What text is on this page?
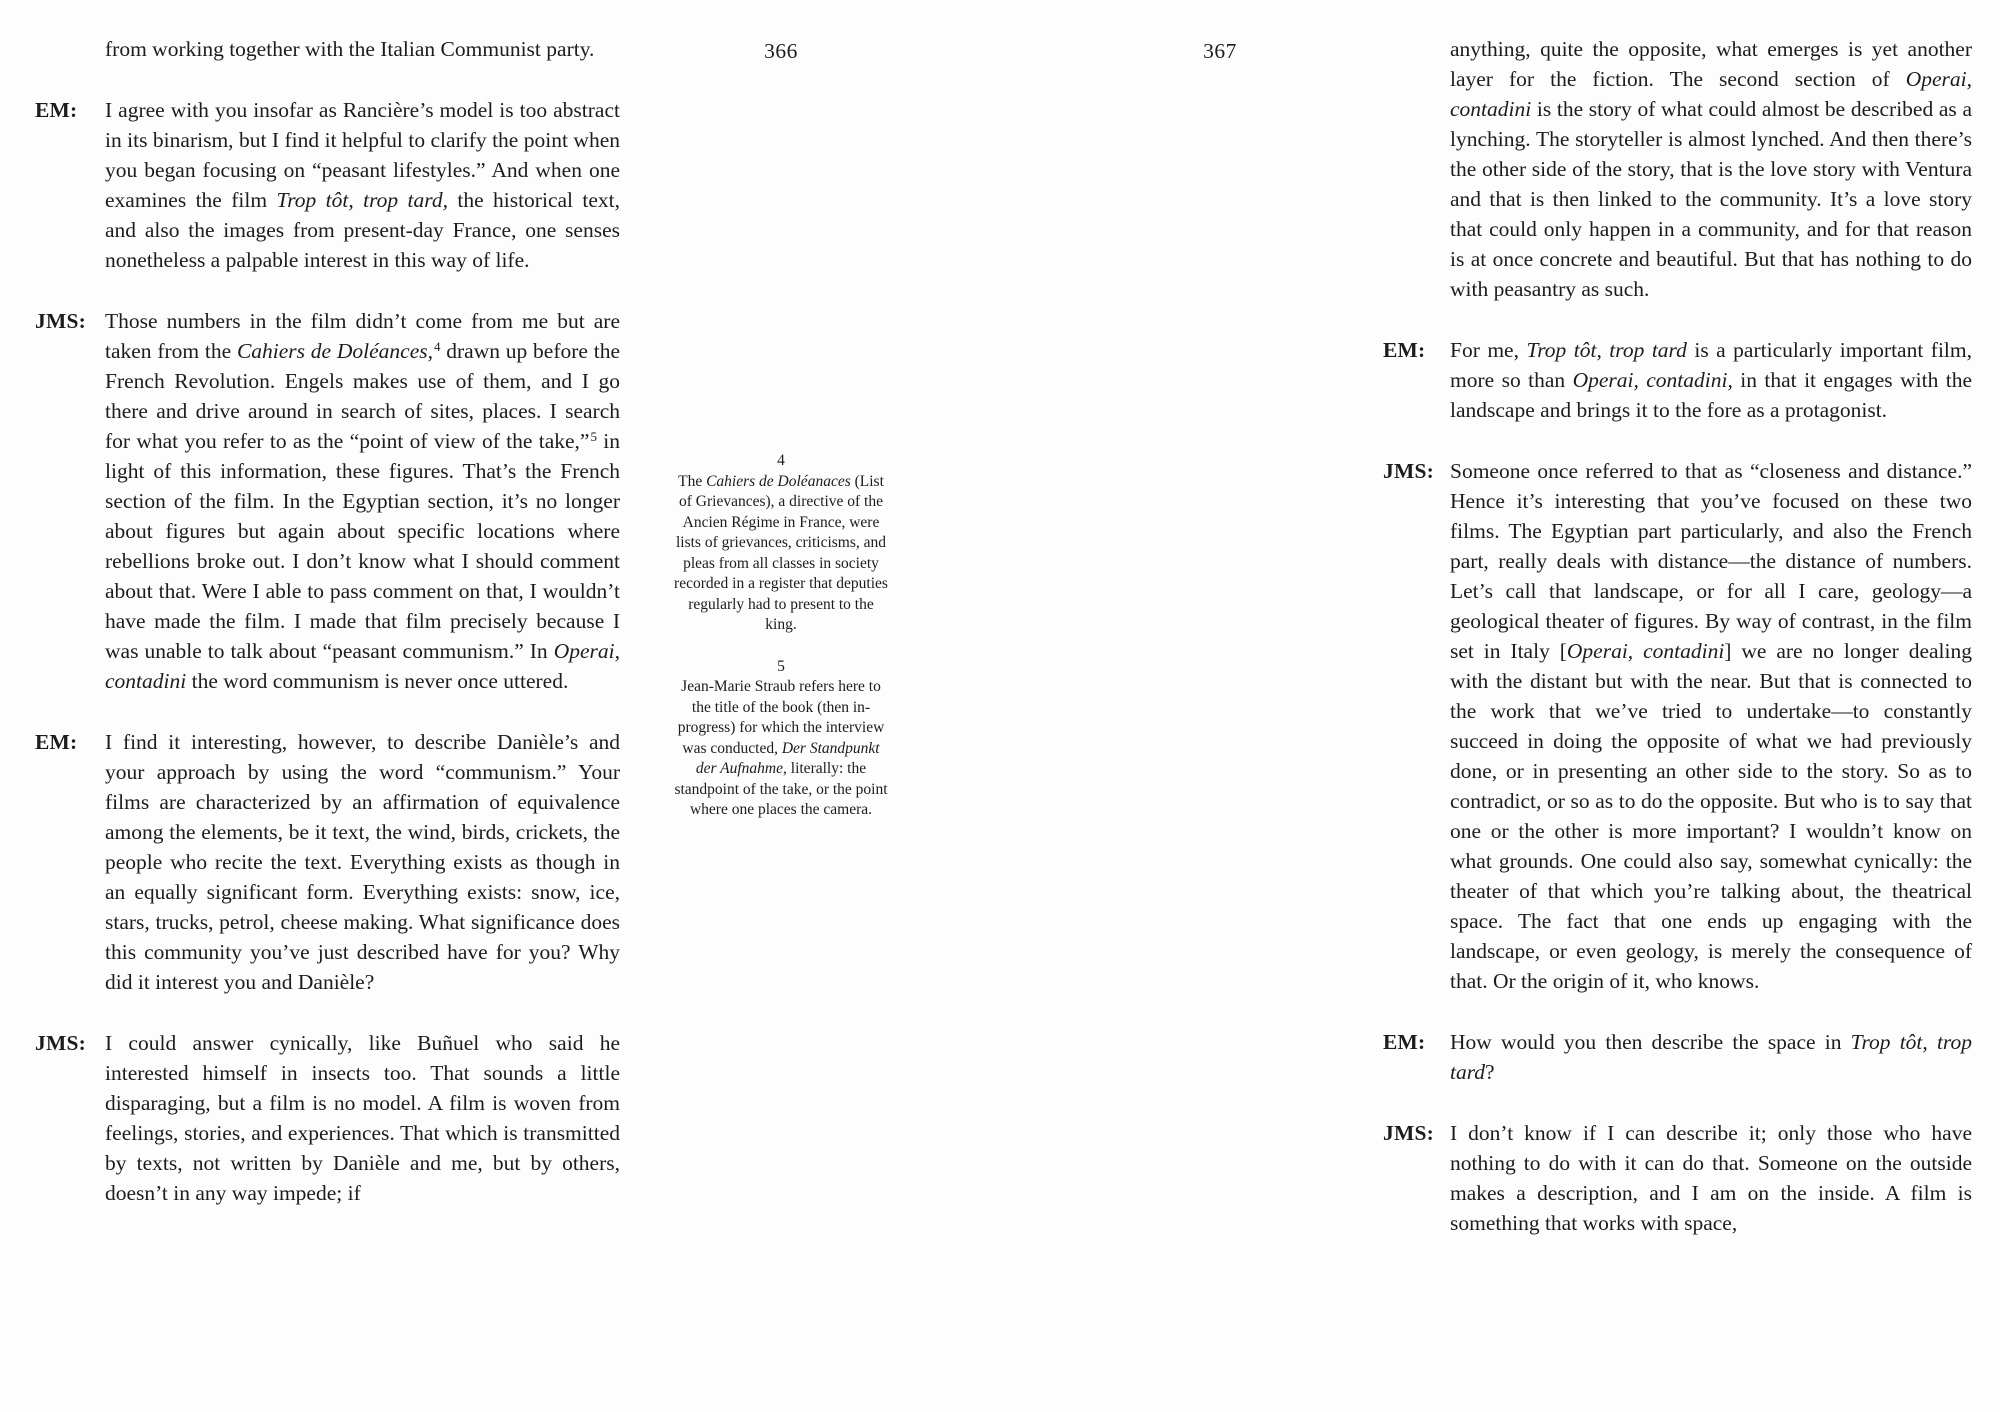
366	367
from working together with the Italian Communist party.
EM:	I agree with you insofar as Rancière’s model is too abstract in its binarism, but I find it helpful to clarify the point when you began focusing on “peasant lifestyles.” And when one examines the film Trop tôt, trop tard, the historical text, and also the images from present-day France, one senses nonetheless a palpable interest in this way of life.
JMS: Those numbers in the film didn’t come from me but are taken from the Cahiers de Doléances,$^4$ drawn up before the French Revolution. Engels makes use of them, and I go there and drive around in search of sites, places. I search for what you refer to as the “point of view of the take,”$^5$ in light of this information, these figures. That’s the French section of the film. In the Egyptian section, it’s no longer about figures but again about specific locations where rebellions broke out. I don’t know what I should comment about that. Were I able to pass comment on that, I wouldn’t have made the film. I made that film precisely because I was unable to talk about “peasant communism.” In Operai, contadini the word communism is never once uttered.
EM:	I find it interesting, however, to describe Danièle’s and your approach by using the word “communism.” Your films are characterized by an affirmation of equivalence among the elements, be it text, the wind, birds, crickets, the people who recite the text. Everything exists as though in an equally significant form. Everything exists: snow, ice, stars, trucks, petrol, cheese making. What significance does this community you’ve just described have for you? Why did it interest you and Danièle?
JMS: I could answer cynically, like Buñuel who said he interested himself in insects too. That sounds a little disparaging, but a film is no model. A film is woven from feelings, stories, and experiences. That which is transmitted by texts, not written by Danièle and me, but by others, doesn’t in any way impede; if
4
The Cahiers de Doléanaces (List of Grievances), a directive of the Ancien Régime in France, were lists of grievances, criticisms, and pleas from all classes in society recorded in a register that deputies regularly had to present to the king.
5
Jean-Marie Straub refers here to the title of the book (then in-progress) for which the interview was conducted, Der Standpunkt der Aufnahme, literally: the standpoint of the take, or the point where one places the camera.
anything, quite the opposite, what emerges is yet another layer for the fiction. The second section of Operai, contadini is the story of what could almost be described as a lynching. The storyteller is almost lynched. And then there’s the other side of the story, that is the love story with Ventura and that is then linked to the community. It’s a love story that could only happen in a community, and for that reason is at once concrete and beautiful. But that has nothing to do with peasantry as such.
EM:	For me, Trop tôt, trop tard is a particularly important film, more so than Operai, contadini, in that it engages with the landscape and brings it to the fore as a protagonist.
JMS: Someone once referred to that as “closeness and distance.” Hence it’s interesting that you’ve focused on these two films. The Egyptian part particularly, and also the French part, really deals with distance—the distance of numbers. Let’s call that landscape, or for all I care, geology—a geological theater of figures. By way of contrast, in the film set in Italy [Operai, contadini] we are no longer dealing with the distant but with the near. But that is connected to the work that we’ve tried to undertake—to constantly succeed in doing the opposite of what we had previously done, or in presenting an other side to the story. So as to contradict, or so as to do the opposite. But who is to say that one or the other is more important? I wouldn’t know on what grounds. One could also say, somewhat cynically: the theater of that which you’re talking about, the theatrical space. The fact that one ends up engaging with the landscape, or even geology, is merely the consequence of that. Or the origin of it, who knows.
EM:	How would you then describe the space in Trop tôt, trop tard?
JMS: I don’t know if I can describe it; only those who have nothing to do with it can do that. Someone on the outside makes a description, and I am on the inside. A film is something that works with space,
